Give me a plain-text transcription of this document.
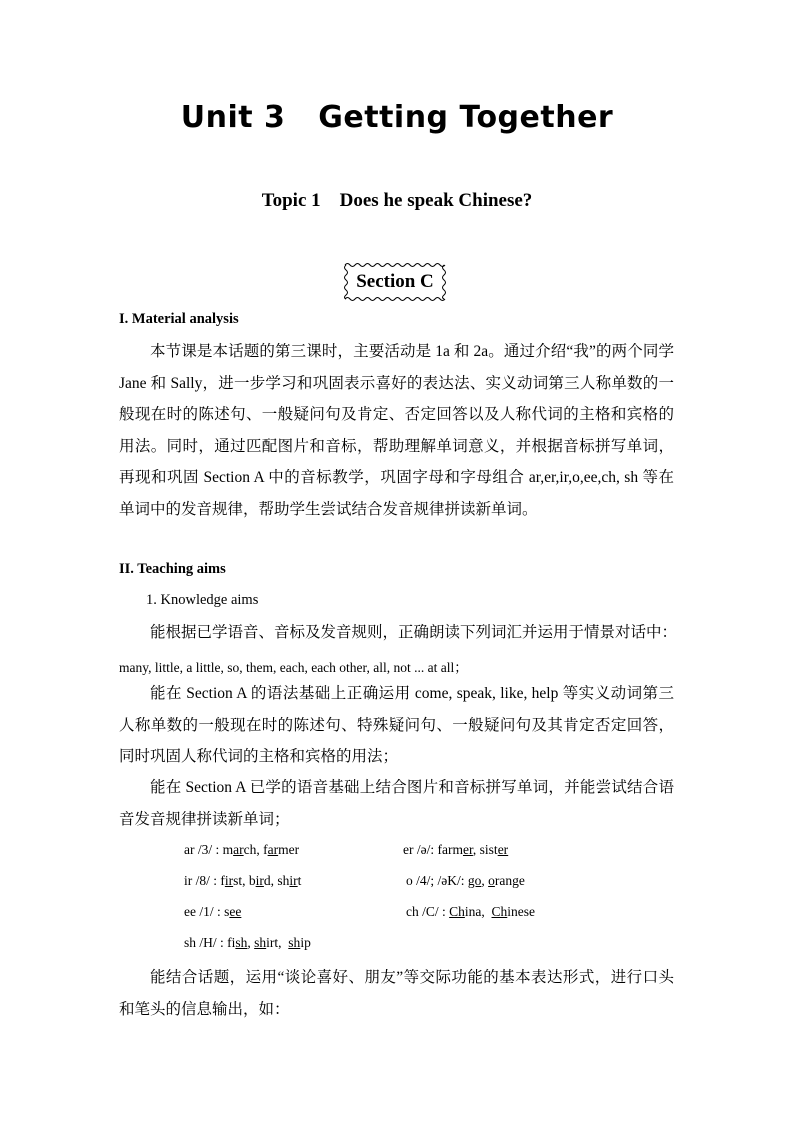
Unit 3   Getting Together
Topic 1    Does he speak Chinese?
Section C
I. Material analysis
本节课是本话题的第三课时，主要活动是 1a 和 2a。通过介绍“我”的两个同学 Jane 和 Sally，进一步学习和巩固表示喜好的表达法、实义动词第三人称单数的一般现在时的陈述句、一般疑问句及肯定、否定回答以及人称代词的主格和宾格的用法。同时，通过匹配图片和音标，帮助理解单词意义，并根据音标拼写单词，再现和巩固 Section A 中的音标教学，巩固字母和字母组合 ar,er,ir,o,ee,ch, sh 等在单词中的发音规律，帮助学生尝试结合发音规律拼读新单词。
II. Teaching aims
1. Knowledge aims
能根据已学语音、音标及发音规则，正确朗读下列词汇并运用于情景对话中：
many, little, a little, so, them, each, each other, all, not ... at all；
能在 Section A 的语法基础上正确运用 come, speak, like, help 等实义动词第三人称单数的一般现在时的陈述句、特殊疑问句、一般疑问句及其肯定否定回答，同时巩固人称代词的主格和宾格的用法；
能在 Section A 已学的语音基础上结合图片和音标拼写单词，并能尝试结合语音发音规律拼读新单词；
ar /3/ : march, farmer	er /ə/: farmer, sister
ir /8/ : first, bird, shirt	o /4/; /əK/: go, orange
ee /1/ : see	ch /C/ : China,  Chinese
sh /H/ : fish, shirt,  ship
能结合话题，运用“谈论喜好、朋友”等交际功能的基本表达形式，进行口头和笔头的信息输出，如：
